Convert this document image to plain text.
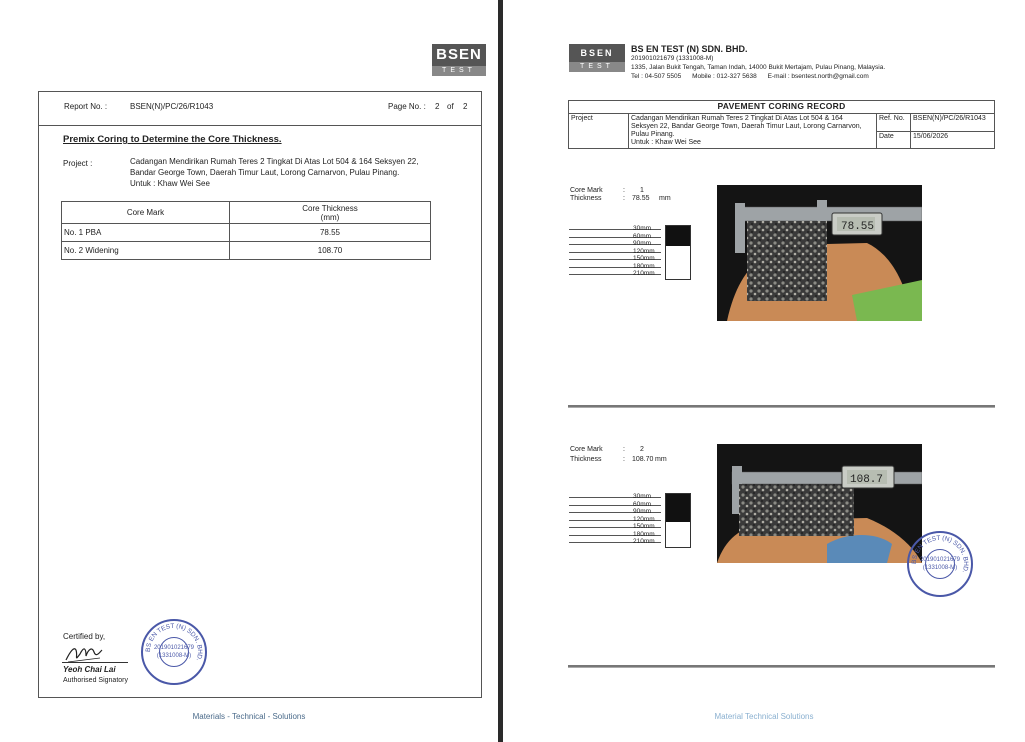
BSEN
TEST
Report No. :	BSEN(N)/PC/26/R1043	Page No. : 2 of 2
Premix Coring to Determine the Core Thickness.
Project :	Cadangan Mendirikan Rumah Teres 2 Tingkat Di Atas Lot 504 & 164 Seksyen 22,
Bandar George Town, Daerah Timur Laut, Lorong Carnarvon, Pulau Pinang.
Untuk : Khaw Wei See
Core Mark	Core Thickness
(mm)
No. 1 PBA	78.55
No. 2 Widening	108.70
Certified by,
Yeoh Chai Lai
Authorised Signatory
BS EN TEST (N) SDN. BHD.
201901021679
(1331008-M)
Materials - Technical - Solutions
BSEN
TEST
BS EN TEST (N) SDN. BHD.
201901021679 (1331008-M)
1335, Jalan Bukit Tengah, Taman Indah, 14000 Bukit Mertajam, Pulau Pinang, Malaysia.
Tel : 04-507 5505      Mobile : 012-327 5638      E-mail : bsentest.north@gmail.com
PAVEMENT CORING RECORD			
Project	Cadangan Mendirikan Rumah Teres 2 Tingkat Di Atas Lot 504 & 164
Seksyen 22, Bandar George Town, Daerah Timur Laut, Lorong Carnarvon,
Pulau Pinang.
Untuk : Khaw Wei See	Ref. No.	BSEN(N)/PC/26/R1043
		Date	15/06/2026
Core Mark	: 1
Thickness	: 78.55 mm
30mm
60mm
90mm
120mm
150mm
180mm
210mm
78.55
Core Mark	: 2
Thickness	: 108.70 mm
30mm
60mm
90mm
120mm
150mm
180mm
210mm
108.7
BS EN TEST (N) SDN. BHD.
201901021679
(1331008-M)
Material Technical Solutions
